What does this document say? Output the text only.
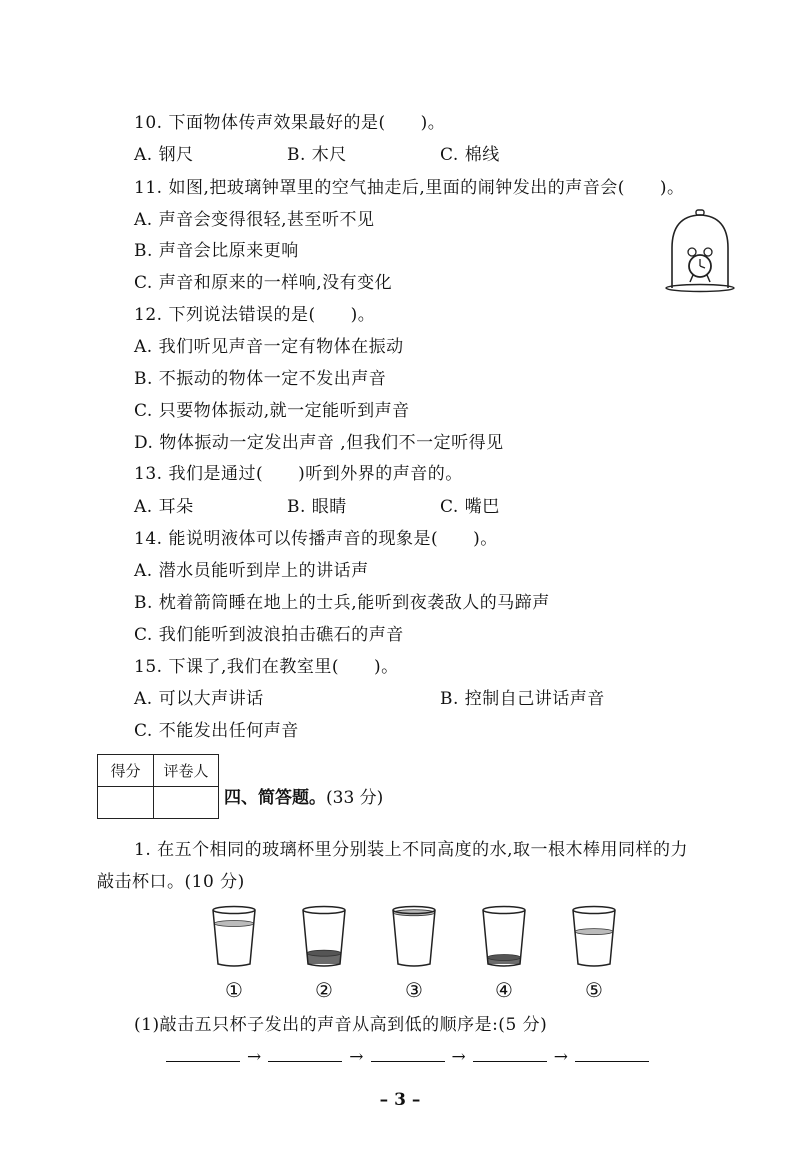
10. 下面物体传声效果最好的是(　　)。
A. 钢尺	B. 木尺	C. 棉线
11. 如图,把玻璃钟罩里的空气抽走后,里面的闹钟发出的声音会(　　)。
A. 声音会变得很轻,甚至听不见
B. 声音会比原来更响
C. 声音和原来的一样响,没有变化
12. 下列说法错误的是(　　)。
A. 我们听见声音一定有物体在振动
B. 不振动的物体一定不发出声音
C. 只要物体振动,就一定能听到声音
D. 物体振动一定发出声音 ,但我们不一定听得见
13. 我们是通过(　　)听到外界的声音的。
A. 耳朵	B. 眼睛	C. 嘴巴
14. 能说明液体可以传播声音的现象是(　　)。
A. 潜水员能听到岸上的讲话声
B. 枕着箭筒睡在地上的士兵,能听到夜袭敌人的马蹄声
C. 我们能听到波浪拍击礁石的声音
15. 下课了,我们在教室里(　　)。
A. 可以大声讲话	B. 控制自己讲话声音
C. 不能发出任何声音
得分	评卷人

四、简答题。(33 分)
1. 在五个相同的玻璃杯里分别装上不同高度的水,取一根木棒用同样的力
敲击杯口。(10 分)
①	②	③	④	⑤
(1)敲击五只杯子发出的声音从高到低的顺序是:(5 分)
→	→	→	→
– 3 –
